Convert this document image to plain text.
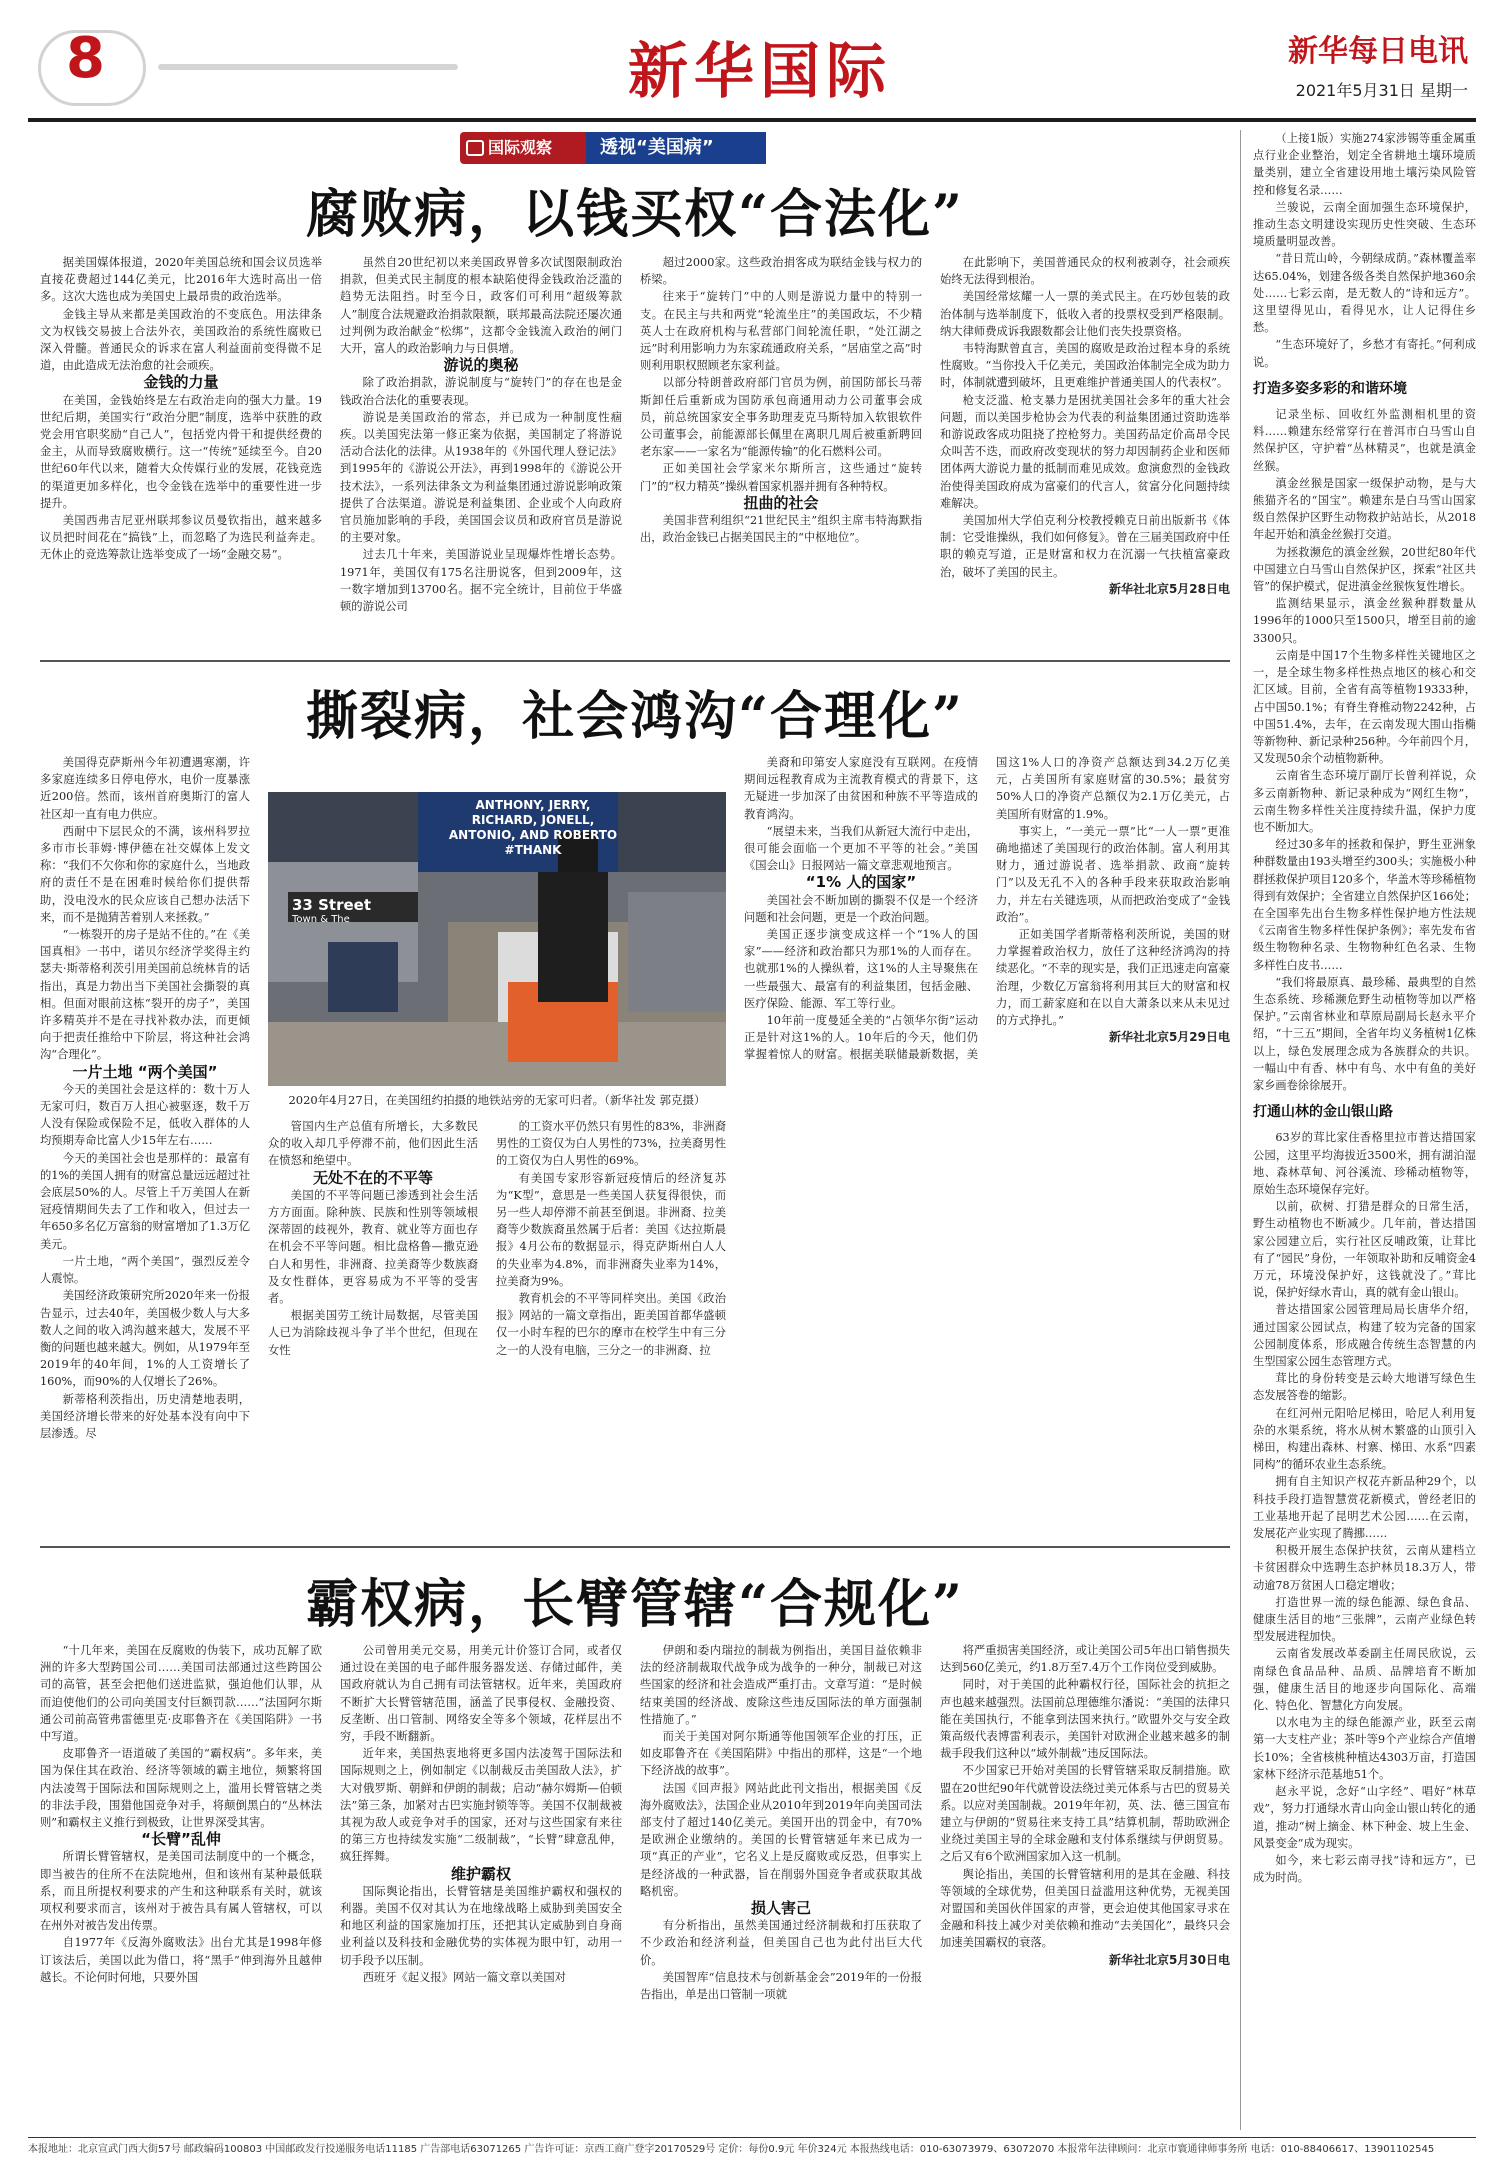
8	新华国际	新华每日电讯
2021年5月31日 星期一
国际观察	透视“美国病”
腐败病，以钱买权“合法化”

据美国媒体报道，2020年美国总统和国会议员选举直接花费超过144亿美元，比2016年大选时高出一倍多。这次大选也成为美国史上最昂贵的政治选举。

金钱主导从来都是美国政治的不变底色。用法律条文为权钱交易披上合法外衣，美国政治的系统性腐败已深入骨髓。普通民众的诉求在富人利益面前变得微不足道，由此造成无法治愈的社会顽疾。

金钱的力量

在美国，金钱始终是左右政治走向的强大力量。19世纪后期，美国实行“政治分肥”制度，选举中获胜的政党会用官职奖励“自己人”，包括党内骨干和提供经费的金主，从而导致腐败横行。这一“传统”延续至今。自20世纪60年代以来，随着大众传媒行业的发展，花钱竞选的渠道更加多样化，也令金钱在选举中的重要性进一步提升。

美国西弗吉尼亚州联邦参议员曼钦指出，越来越多议员把时间花在“搞钱”上，而忽略了为选民利益奔走。无休止的竞选筹款让选举变成了一场“金融交易”。

虽然自20世纪初以来美国政界曾多次试图限制政治捐款，但美式民主制度的根本缺陷使得金钱政治泛滥的趋势无法阻挡。时至今日，政客们可利用“超级筹款人”制度合法规避政治捐款限额，联邦最高法院还屡次通过判例为政治献金“松绑”，这都令金钱流入政治的闸门大开，富人的政治影响力与日俱增。

游说的奥秘

除了政治捐款，游说制度与“旋转门”的存在也是金钱政治合法化的重要表现。

游说是美国政治的常态，并已成为一种制度性痼疾。以美国宪法第一修正案为依据，美国制定了将游说活动合法化的法律。从1938年的《外国代理人登记法》到1995年的《游说公开法》，再到1998年的《游说公开技术法》，一系列法律条文为利益集团通过游说影响政策提供了合法渠道。游说是利益集团、企业或个人向政府官员施加影响的手段，美国国会议员和政府官员是游说的主要对象。

过去几十年来，美国游说业呈现爆炸性增长态势。1971年，美国仅有175名注册说客，但到2009年，这一数字增加到13700名。据不完全统计，目前位于华盛顿的游说公司

超过2000家。这些政治捐客成为联结金钱与权力的桥梁。

往来于“旋转门”中的人则是游说力量中的特别一支。在民主与共和两党“轮流坐庄”的美国政坛，不少精英人士在政府机构与私营部门间轮流任职，“处江湖之远”时利用影响力为东家疏通政府关系，“居庙堂之高”时则利用职权照顾老东家利益。

以部分特朗普政府部门官员为例，前国防部长马蒂斯卸任后重新成为国防承包商通用动力公司董事会成员，前总统国家安全事务助理麦克马斯特加入软银软件公司董事会，前能源部长佩里在离职几周后被重新聘回老东家——一家名为“能源传输”的化石燃料公司。

正如美国社会学家米尔斯所言，这些通过“旋转门”的“权力精英”操纵着国家机器并拥有各种特权。

扭曲的社会

美国非营利组织“21世纪民主”组织主席韦特海默指出，政治金钱已占据美国民主的“中枢地位”。

在此影响下，美国普通民众的权利被剥夺，社会顽疾始终无法得到根治。

美国经常炫耀一人一票的美式民主。在巧妙包装的政治体制与选举制度下，低收入者的投票权受到严格限制。纳大律师费成诉我跟数都会让他们丧失投票资格。

韦特海默曾直言，美国的腐败是政治过程本身的系统性腐败。“当你投入千亿美元，美国政治体制完全成为助力时，体制就遭到破坏，且更难维护普通美国人的代表权”。

枪支泛滥、枪支暴力是困扰美国社会多年的重大社会问题，而以美国步枪协会为代表的利益集团通过资助选举和游说政客成功阻挠了控枪努力。美国药品定价高昂令民众叫苦不迭，而政府改变现状的努力却因制药企业和医师团体两大游说力量的抵制而难见成效。愈演愈烈的金钱政治使得美国政府成为富豪们的代言人，贫富分化问题持续难解决。

美国加州大学伯克利分校教授赖克日前出版新书《体制：它受谁操纵，我们如何修复》。曾在三届美国政府中任职的赖克写道，正是财富和权力在沉溺一气扶植富豪政治，破坏了美国的民主。

新华社北京5月28日电

撕裂病，社会鸿沟“合理化”

美国得克萨斯州今年初遭遇寒潮，许多家庭连续多日停电停水，电价一度暴涨近200倍。然而，该州首府奥斯汀的富人社区却一直有电力供应。

西耐中下层民众的不满，该州科罗拉多市市长菲姆·博伊德在社交媒体上发文称：“我们不欠你和你的家庭什么，当地政府的责任不是在困难时候给你们提供帮助，没电没水的民众应该自己想办法活下来，而不是抛猜苦着别人来拯救。”

“一栋裂开的房子是站不住的。”在《美国真相》一书中，诺贝尔经济学奖得主约瑟夫·斯蒂格利茨引用美国前总统林肯的话指出，真是力勃出当下美国社会撕裂的真相。但面对眼前这栋“裂开的房子”，美国许多精英并不是在寻找补救办法，而更倾向于把责任推给中下阶层，将这种社会鸿沟“合理化”。

一片土地 “两个美国”

今天的美国社会是这样的：数十万人无家可归，数百万人担心被驱逐，数千万人没有保险或保险不足，低收入群体的人均预期寿命比富人少15年左右……

今天的美国社会也是那样的：最富有的1%的美国人拥有的财富总量远远超过社会底层50%的人。尽管上千万美国人在新冠疫情期间失去了工作和收入，但过去一年650多名亿万富翁的财富增加了1.3万亿美元。

一片土地，“两个美国”，强烈反差令人震惊。

美国经济政策研究所2020年来一份报告显示，过去40年，美国极少数人与大多数人之间的收入鸿沟越来越大，发展不平衡的问题也越来越大。例如，从1979年至2019年的40年间，1%的人工资增长了160%，而90%的人仅增长了26%。

新蒂格利茨指出，历史清楚地表明，美国经济增长带来的好处基本没有向中下层渗透。尽

ANTHONY, JERRY, RICHARD, JONELL, ANTONIO, AND ROBERTO #THANK
33 Street
Town & The
2020年4月27日，在美国纽约拍摄的地铁站旁的无家可归者。（新华社发 郭克摄）

管国内生产总值有所增长，大多数民众的收入却几乎停滞不前，他们因此生活在愤怒和绝望中。

无处不在的不平等

美国的不平等问题已渗透到社会生活方方面面。除种族、民族和性别等领域根深蒂固的歧视外，教育、就业等方面也存在机会不平等问题。相比盘格鲁—撒克逊白人和男性，非洲裔、拉美裔等少数族裔及女性群体，更容易成为不平等的受害者。

根据美国劳工统计局数据，尽管美国人已为消除歧视斗争了半个世纪，但现在女性

的工资水平仍然只有男性的83%，非洲裔男性的工资仅为白人男性的73%，拉美裔男性的工资仅为白人男性的69%。

有美国专家形容新冠疫情后的经济复苏为“K型”，意思是一些美国人获复得很快，而另一些人却停滞不前甚至倒退。非洲裔、拉美裔等少数族裔虽然属于后者：美国《达拉斯晨报》4月公布的数据显示，得克萨斯州白人人的失业率为4.8%，而非洲裔失业率为14%，拉美裔为9%。

教育机会的不平等同样突出。美国《政治报》网站的一篇文章指出，距美国首都华盛顿仅一小时车程的巴尔的摩市在校学生中有三分之一的人没有电脑，三分之一的非洲裔、拉

美裔和印第安人家庭没有互联网。在疫情期间远程教育成为主流教育模式的背景下，这无疑进一步加深了由贫困和种族不平等造成的教育鸿沟。

“展望未来，当我们从新冠大流行中走出，很可能会面临一个更加不平等的社会。”美国《国会山》日报网站一篇文章悲观地预言。

“1% 人的国家”

美国社会不断加剧的撕裂不仅是一个经济问题和社会问题，更是一个政治问题。

美国正逐步演变成这样一个“1%人的国家”——经济和政治都只为那1%的人而存在。也就那1%的人操纵着，这1%的人主导聚焦在一些最强大、最富有的利益集团，包括金融、医疗保险、能源、军工等行业。

10年前一度曼延全美的“占领华尔街”运动正是针对这1%的人。10年后的今天，他们仍掌握着惊人的财富。根据美联储最新数据，美国这1%人口的净资产总额达到34.2万亿美元，占美国所有家庭财富的30.5%；最贫穷50%人口的净资产总额仅为2.1万亿美元，占美国所有财富的1.9%。

事实上，“一美元一票”比“一人一票”更准确地描述了美国现行的政治体制。富人利用其财力，通过游说者、选举捐款、政商“旋转门”以及无孔不入的各种手段来获取政治影响力，并左右关键选项，从而把政治变成了“金钱政治”。

正如美国学者斯蒂格利茨所说，美国的财力掌握着政治权力，放任了这种经济鸿沟的持续恶化。“不幸的现实是，我们正迅速走向富豪治理，少数亿万富翁将利用其巨大的财富和权力，而工薪家庭和在以自大萧条以来从未见过的方式挣扎。”

新华社北京5月29日电

霸权病，长臂管辖“合规化”

“十几年来，美国在反腐败的伪装下，成功瓦解了欧洲的许多大型跨国公司……美国司法部通过这些跨国公司的高管，甚至会把他们送进监狱，强迫他们认罪，从而迫使他们的公司向美国支付巨额罚款……”法国阿尔斯通公司前高管弗雷德里克·皮耶鲁齐在《美国陷阱》一书中写道。

皮耶鲁齐一语道破了美国的“霸权病”。多年来，美国为保住其在政治、经济等领域的霸主地位，频繁将国内法凌驾于国际法和国际规则之上，滥用长臂管辖之类的非法手段，围猎他国竞争对手，将颠倒黑白的“丛林法则”和霸权主义推行到极致，让世界深受其害。

“长臂”乱伸

所谓长臂管辖权，是美国司法制度中的一个概念，即当被告的住所不在法院地州，但和该州有某种最低联系，而且所提权利要求的产生和这种联系有关时，就该项权利要求而言，该州对于被告具有属人管辖权，可以在州外对被告发出传票。

自1977年《反海外腐败法》出台尤其是1998年修订该法后，美国以此为借口，将“黑手”伸到海外且越伸越长。不论何时何地，只要外国

公司曾用美元交易，用美元计价签订合同，或者仅通过设在美国的电子邮件服务器发送、存储过邮件，美国政府就认为自己拥有司法管辖权。近年来，美国政府不断扩大长臂管辖范围，涵盖了民事侵权、金融投资、反垄断、出口管制、网络安全等多个领域，花样层出不穷，手段不断翻新。

近年来，美国热衷地将更多国内法凌驾于国际法和国际规则之上，例如制定《以制裁反击美国敌人法》，扩大对俄罗斯、朝鲜和伊朗的制裁；启动“赫尔姆斯—伯顿法”第三条，加紧对古巴实施封锁等等。美国不仅制裁被其视为敌人或竞争对手的国家，还对与这些国家有来往的第三方也持续发实施“二级制裁”，“长臂”肆意乱伸，疯狂挥舞。

维护霸权

国际舆论指出，长臂管辖是美国维护霸权和强权的利器。美国不仅对其认为在地缘战略上威胁到美国安全和地区利益的国家施加打压，还把其认定威胁到自身商业利益以及科技和金融优势的实体视为眼中钉，动用一切手段予以压制。

西班牙《起义报》网站一篇文章以美国对

伊朗和委内瑞拉的制裁为例指出，美国目益依赖非法的经济制裁取代战争成为战争的一种分，制裁已对这些国家的经济和社会造成严重打击。文章写道：“是时候结束美国的经济战、废除这些违反国际法的单方面强制性措施了。”

而关于美国对阿尔斯通等他国领军企业的打压，正如皮耶鲁齐在《美国陷阱》中指出的那样，这是“一个地下经济战的故事”。

法国《回声报》网站此此刊文指出，根据美国《反海外腐败法》，法国企业从2010年到2019年向美国司法部支付了超过140亿美元。美国开出的罚金中，有70%是欧洲企业缴纳的。美国的长臂管辖延年来已成为一项“真正的产业”，它名义上是反腐败或反恐，但事实上是经济战的一种武器，旨在削弱外国竞争者或获取其战略机密。

损人害己

有分析指出，虽然美国通过经济制裁和打压获取了不少政治和经济利益，但美国自己也为此付出巨大代价。

美国智库“信息技术与创新基金会”2019年的一份报告指出，单是出口管制一项就

将严重损害美国经济，或让美国公司5年出口销售损失达到560亿美元，约1.8万至7.4万个工作岗位受到威胁。

同时，对于美国的此种霸权行径，国际社会的抗拒之声也越来越强烈。法国前总理德维尔潘说：“美国的法律只能在美国执行，不能拿到法国来执行。”欧盟外交与安全政策高级代表博雷利表示，美国针对欧洲企业越来越多的制裁手段我们这种以“域外制裁”违反国际法。

不少国家已开始对美国的长臂管辖采取反制措施。欧盟在20世纪90年代就曾设法绕过美元体系与古巴的贸易关系。以应对美国制裁。2019年年初，英、法、德三国宣布建立与伊朗的“贸易往来支持工具”结算机制，帮助欧洲企业绕过美国主导的全球金融和支付体系继续与伊朗贸易。之后又有6个欧洲国家加入这一机制。

舆论指出，美国的长臂管辖利用的是其在金融、科技等领域的全球优势，但美国日益滥用这种优势，无视美国对盟国和美国伙伴国家的声誉，更会迫使其他国家寻求在金融和科技上减少对美依赖和推动“去美国化”，最终只会加速美国霸权的衰落。

新华社北京5月30日电

（上接1版）实施274家涉锡等重金属重点行业企业整治，划定全省耕地土壤环境质量类别，建立全省建设用地土壤污染风险管控和修复名录……

兰骏说，云南全面加强生态环境保护，推动生态文明建设实现历史性突破、生态环境质量明显改善。

“昔日荒山岭，今朝绿成荫。”森林覆盖率达65.04%，划建各级各类自然保护地360余处……七彩云南，是无数人的“诗和远方”。这里望得见山，看得见水，让人记得住乡愁。

“生态环境好了，乡愁才有寄托。”何利成说。

打造多姿多彩的和谐环境

记录坐标、回收红外监测相机里的资料……赖建东经常穿行在普洱市白马雪山自然保护区，守护着“丛林精灵”，也就是滇金丝猴。

滇金丝猴是国家一级保护动物，是与大熊猫齐名的“国宝”。赖建东是白马雪山国家级自然保护区野生动物救护站站长，从2018年起开始和滇金丝猴打交道。

为拯救濒危的滇金丝猴，20世纪80年代中国建立白马雪山自然保护区，探索“社区共管”的保护模式，促进滇金丝猴恢复性增长。

监测结果显示，滇金丝猴种群数量从1996年的1000只至1500只，增至目前的逾3300只。

云南是中国17个生物多样性关键地区之一，是全球生物多样性热点地区的核心和交汇区域。目前，全省有高等植物19333种，占中国50.1%；有脊生脊椎动物2242种，占中国51.4%，去年，在云南发现大围山指椭等新物种、新记录种256种。今年前四个月，又发现50余个动植物新种。

云南省生态环境厅副厅长曾利祥说，众多云南新物种、新记录种成为“网红生物”，云南生物多样性关注度持续升温，保护力度也不断加大。

经过30多年的拯救和保护，野生亚洲象种群数量由193头增至约300头；实施极小种群拯救保护项目120多个，华盖木等珍稀植物得到有效保护；全省建立自然保护区166处；在全国率先出台生物多样性保护地方性法规《云南省生物多样性保护条例》；率先发布省级生物物种名录、生物物种红色名录、生物多样性白皮书……

“我们将最原真、最珍稀、最典型的自然生态系统、珍稀濒危野生动植物等加以严格保护。”云南省林业和草原局副局长赵永平介绍，“十三五”期间，全省年均义务植树1亿株以上，绿色发展理念成为各族群众的共识。一幅山中有香、林中有鸟、水中有鱼的美好家乡画卷徐徐展开。

打通山林的金山银山路

63岁的茸比家住香格里拉市普达措国家公园，这里平均海拔近3500米，拥有湖泊湿地、森林草甸、河谷溪流、珍稀动植物等，原始生态环境保存完好。

以前，砍树、打猎是群众的日常生活，野生动植物也不断减少。几年前，普达措国家公园建立后，实行社区反哺政策，让茸比有了“园民”身份，一年领取补助和反哺资金4万元，环境没保护好，这钱就没了。”茸比说，保护好绿水青山，真的就有金山银山。

普达措国家公园管理局局长唐华介绍，通过国家公园试点，构建了较为完备的国家公园制度体系，形成融合传统生态智慧的内生型国家公园生态管理方式。

茸比的身份转变是云岭大地谱写绿色生态发展答卷的缩影。

在红河州元阳哈尼梯田，哈尼人利用复杂的水渠系统，将水从树木繁盛的山顶引入梯田，构建出森林、村寨、梯田、水系“四素同构”的循环农业生态系统。

拥有自主知识产权花卉新品种29个，以科技手段打造智慧赏花新模式，曾经老旧的工业基地开起了昆明艺术公园……在云南，发展花产业实现了腾挪……

积极开展生态保护扶贫，云南从建档立卡贫困群众中选聘生态护林员18.3万人，带动逾78万贫困人口稳定增收；

打造世界一流的绿色能源、绿色食品、健康生活目的地“三张牌”，云南产业绿色转型发展进程加快。

云南省发展改革委副主任周民欣说，云南绿色食品品种、品质、品牌培育不断加强，健康生活目的地逐步向国际化、高端化、特色化、智慧化方向发展。

以水电为主的绿色能源产业，跃至云南第一大支柱产业；茶叶等9个产业综合产值增长10%；全省核桃种植达4303万亩，打造国家林下经济示范基地51个。

赵永平说，念好“山字经”、唱好“林草戏”，努力打通绿水青山向金山银山转化的通道，推动“树上摘金、林下种金、坡上生金、风景变金”成为现实。

如今，来七彩云南寻找“诗和远方”，已成为时尚。

本报地址：北京宣武门西大街57号 邮政编码100803 中国邮政发行投递服务电话11185 广告部电话63071265 广告许可证：京西工商广登字20170529号 定价：每份0.9元 年价324元 本报热线电话：010-63073979、63072070 本报常年法律顾问：北京市寰通律师事务所 电话：010-88406617、13901102545
